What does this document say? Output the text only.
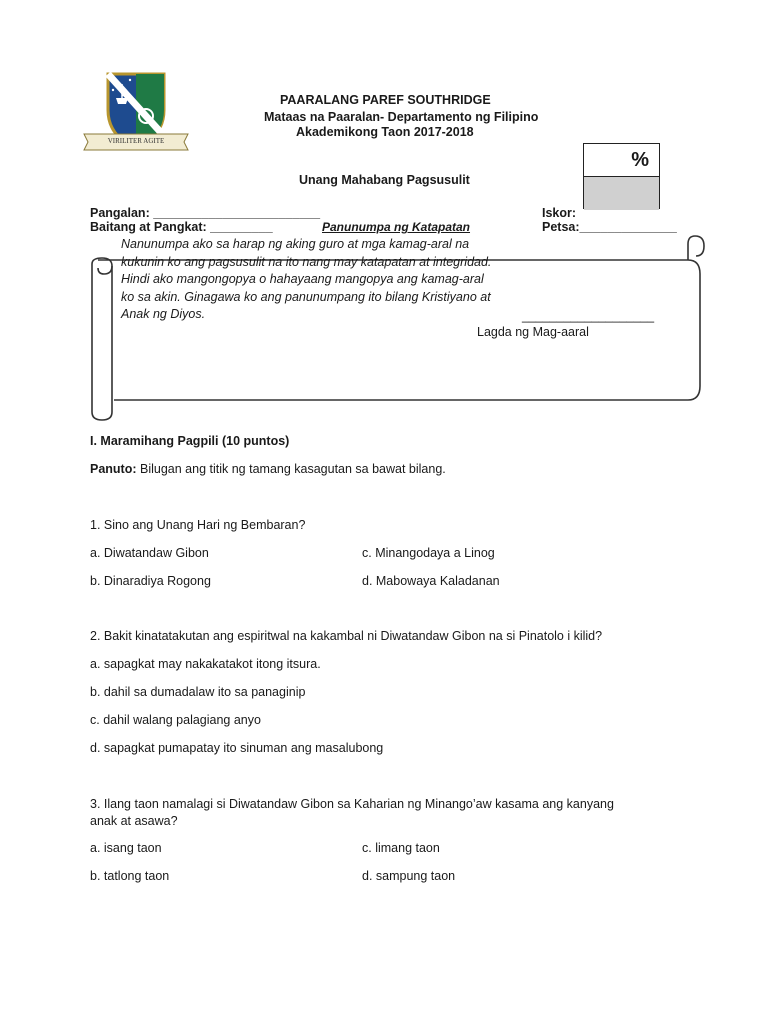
VIRILITER AGITE
PAARALANG PAREF SOUTHRIDGE
Mataas na Paaralan- Departamento ng Filipino
Akademikong Taon 2017-2018
%
Unang Mahabang Pagsusulit
Pangalan: ________________________
Baitang at Pangkat: _________
Iskor:
Petsa:______________
Panunumpa ng Katapatan
Nanunumpa ako sa harap ng aking guro at mga kamag-aral na
kukunin ko ang pagsusulit na ito nang may katapatan at integridad.
Hindi ako mangongopya o hahayaang mangopya ang kamag-aral
ko sa akin. Ginagawa ko ang panunumpang ito bilang Kristiyano at
Anak ng Diyos.	___________________
Lagda ng Mag-aaral
I. Maramihang Pagpili (10 puntos)
Panuto: Bilugan ang titik ng tamang kasagutan sa bawat bilang.
1. Sino ang Unang Hari ng Bembaran?
a. Diwatandaw Gibon	c. Minangodaya a Linog
b. Dinaradiya Rogong	d. Mabowaya Kaladanan
2. Bakit kinatatakutan ang espiritwal na kakambal ni Diwatandaw Gibon na si Pinatolo i kilid?
a. sapagkat may nakakatakot itong itsura.
b. dahil sa dumadalaw ito sa panaginip
c. dahil walang palagiang anyo
d. sapagkat pumapatay ito sinuman ang masalubong
3. Ilang taon namalagi si Diwatandaw Gibon sa Kaharian ng Minango’aw kasama ang kanyang
anak at asawa?
a. isang taon	c. limang taon
b. tatlong taon	d. sampung taon
